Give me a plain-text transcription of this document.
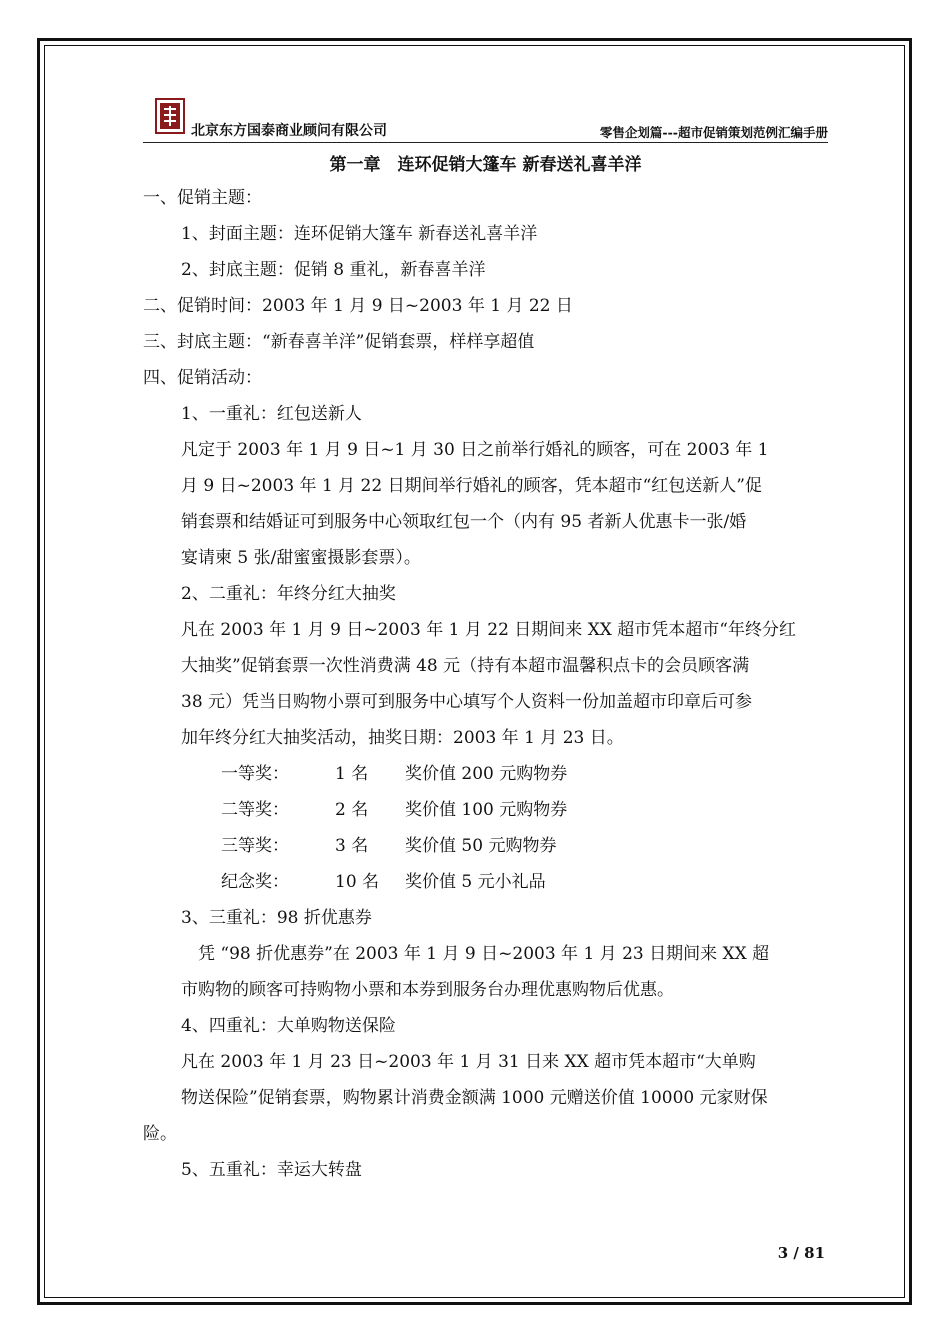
北京东方国泰商业顾问有限公司	零售企划篇---超市促销策划范例汇编手册
第一章　连环促销大篷车 新春送礼喜羊洋

一、促销主题：

1、封面主题：连环促销大篷车 新春送礼喜羊洋

2、封底主题：促销 8 重礼，新春喜羊洋

二、促销时间：2003 年 1 月 9 日~2003 年 1 月 22 日

三、封底主题：“新春喜羊洋”促销套票，样样享超值

四、促销活动：

1、一重礼：红包送新人

凡定于 2003 年 1 月 9 日~1 月 30 日之前举行婚礼的顾客，可在 2003 年 1

月 9 日~2003 年 1 月 22 日期间举行婚礼的顾客，凭本超市“红包送新人”促

销套票和结婚证可到服务中心领取红包一个（内有 95 者新人优惠卡一张/婚

宴请柬 5 张/甜蜜蜜摄影套票）。

2、二重礼：年终分红大抽奖

凡在 2003 年 1 月 9 日~2003 年 1 月 22 日期间来 XX 超市凭本超市“年终分红

大抽奖”促销套票一次性消费满 48 元（持有本超市温馨积点卡的会员顾客满

38 元）凭当日购物小票可到服务中心填写个人资料一份加盖超市印章后可参

加年终分红大抽奖活动，抽奖日期：2003 年 1 月 23 日。

一等奖：	1 名	奖价值 200 元购物券
二等奖：	2 名	奖价值 100 元购物券
三等奖：	3 名	奖价值 50 元购物券
纪念奖：	10 名	奖价值 5 元小礼品

3、三重礼：98 折优惠券

　凭 “98 折优惠券”在 2003 年 1 月 9 日~2003 年 1 月 23 日期间来 XX 超

市购物的顾客可持购物小票和本券到服务台办理优惠购物后优惠。

4、四重礼：大单购物送保险

凡在 2003 年 1 月 23 日~2003 年 1 月 31 日来 XX 超市凭本超市“大单购

物送保险”促销套票，购物累计消费金额满 1000 元赠送价值 10000 元家财保

险。

5、五重礼：幸运大转盘

3 / 81
